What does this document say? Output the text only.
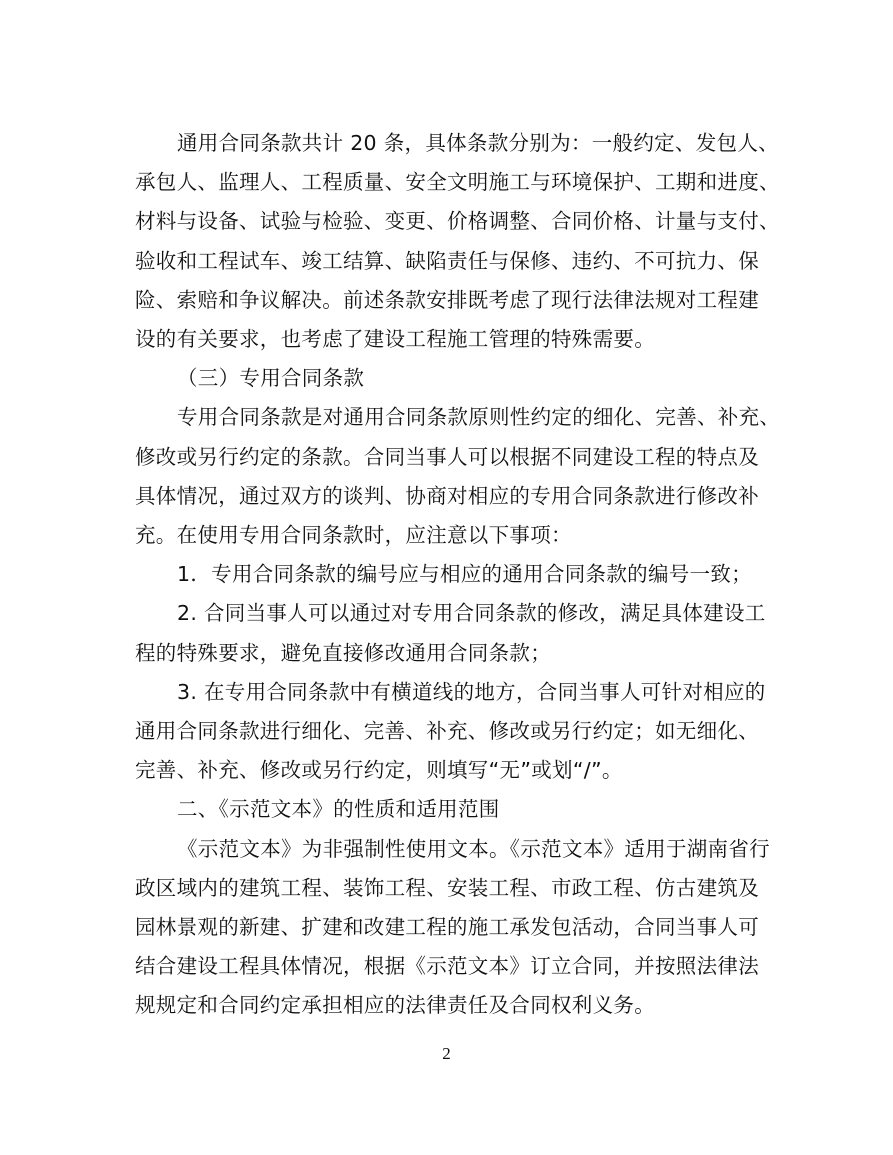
通用合同条款共计 20 条，具体条款分别为：一般约定、发包人、
承包人、监理人、工程质量、安全文明施工与环境保护、工期和进度、
材料与设备、试验与检验、变更、价格调整、合同价格、计量与支付、
验收和工程试车、竣工结算、缺陷责任与保修、违约、不可抗力、保
险、索赔和争议解决。前述条款安排既考虑了现行法律法规对工程建
设的有关要求，也考虑了建设工程施工管理的特殊需要。

（三）专用合同条款

专用合同条款是对通用合同条款原则性约定的细化、完善、补充、
修改或另行约定的条款。合同当事人可以根据不同建设工程的特点及
具体情况，通过双方的谈判、协商对相应的专用合同条款进行修改补
充。在使用专用合同条款时，应注意以下事项：

1．专用合同条款的编号应与相应的通用合同条款的编号一致；

2. 合同当事人可以通过对专用合同条款的修改，满足具体建设工
程的特殊要求，避免直接修改通用合同条款；

3. 在专用合同条款中有横道线的地方，合同当事人可针对相应的
通用合同条款进行细化、完善、补充、修改或另行约定；如无细化、
完善、补充、修改或另行约定，则填写“无”或划“/”。

二、《示范文本》的性质和适用范围

《示范文本》为非强制性使用文本。《示范文本》适用于湖南省行
政区域内的建筑工程、装饰工程、安装工程、市政工程、仿古建筑及
园林景观的新建、扩建和改建工程的施工承发包活动，合同当事人可
结合建设工程具体情况，根据《示范文本》订立合同，并按照法律法
规规定和合同约定承担相应的法律责任及合同权利义务。

2
